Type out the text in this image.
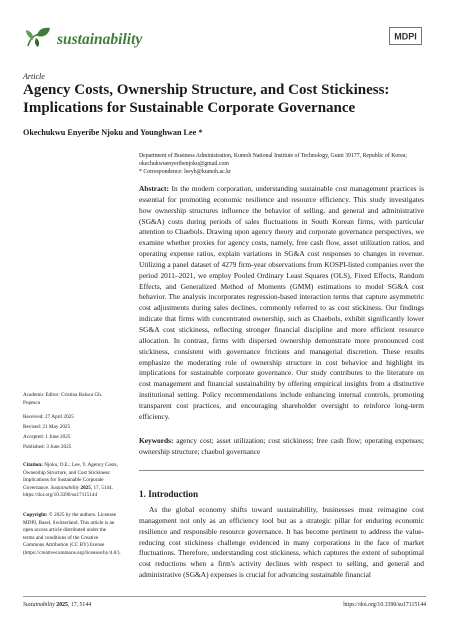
sustainability	MDPI
Article
Agency Costs, Ownership Structure, and Cost Stickiness: Implications for Sustainable Corporate Governance
Okechukwu Enyeribe Njoku and Younghwan Lee *
Department of Business Administration, Kumoh National Institute of Technology, Gumi 39177, Republic of Korea; okechukwuenyeribenjoku@gmail.com
* Correspondence: leeyh@kumoh.ac.kr
Abstract: In the modern corporation, understanding sustainable cost management practices is essential for promoting economic resilience and resource efficiency. This study investigates how ownership structures influence the behavior of selling, and general and administrative (SG&A) costs during periods of sales fluctuations in South Korean firms, with particular attention to Chaebols. Drawing upon agency theory and corporate governance perspectives, we examine whether proxies for agency costs, namely, free cash flow, asset utilization ratios, and operating expense ratios, explain variations in SG&A cost responses to changes in revenue. Utilizing a panel dataset of 4279 firm-year observations from KOSPI-listed companies over the period 2011–2021, we employ Pooled Ordinary Least Squares (OLS), Fixed Effects, Random Effects, and Generalized Method of Moments (GMM) estimations to model SG&A cost behavior. The analysis incorporates regression-based interaction terms that capture asymmetric cost adjustments during sales declines, commonly referred to as cost stickiness. Our findings indicate that firms with concentrated ownership, such as Chaebols, exhibit significantly lower SG&A cost stickiness, reflecting stronger financial discipline and more efficient resource allocation. In contrast, firms with dispersed ownership demonstrate more pronounced cost stickiness, consistent with governance frictions and managerial discretion. These results emphasize the moderating role of ownership structure in cost behavior and highlight its implications for sustainable corporate governance. Our study contributes to the literature on cost management and financial sustainability by offering empirical insights from a distinctive institutional setting. Policy recommendations include enhancing internal controls, promoting transparent cost practices, and encouraging shareholder oversight to reinforce long-term efficiency.
Keywords: agency cost; asset utilization; cost stickiness; free cash flow; operating expenses; ownership structure; chaebol governance
1. Introduction
As the global economy shifts toward sustainability, businesses must reimagine cost management not only as an efficiency tool but as a strategic pillar for enduring economic resilience and responsible resource governance. It has become pertinent to address the value-reducing cost stickiness challenge evidenced in many corporations in the face of market fluctuations. Therefore, understanding cost stickiness, which captures the extent of suboptimal cost reductions when a firm's activity declines with respect to selling, and general and administrative (SG&A) expenses is crucial for advancing sustainable financial
Academic Editor: Cristina Raluca Gh. Popescu
Received: 27 April 2025
Revised: 21 May 2025
Accepted: 1 June 2025
Published: 3 June 2025
Citation: Njoku, O.E.; Lee, Y. Agency Costs, Ownership Structure, and Cost Stickiness: Implications for Sustainable Corporate Governance. Sustainability 2025, 17, 5144. https://doi.org/10.3390/su17115144
Copyright: © 2025 by the authors. Licensee MDPI, Basel, Switzerland. This article is an open access article distributed under the terms and conditions of the Creative Commons Attribution (CC BY) license (https://creativecommons.org/licenses/by/4.0/).
Sustainability 2025, 17, 5144	https://doi.org/10.3390/su17115144
